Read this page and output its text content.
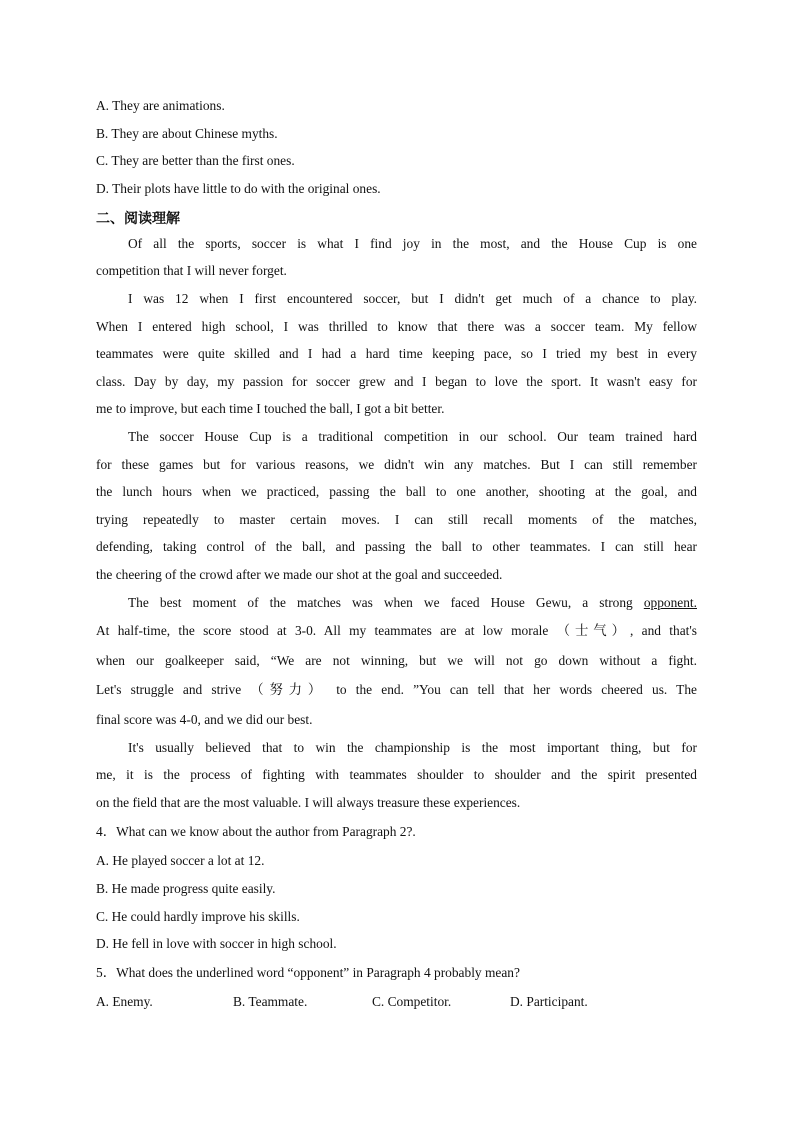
A. They are animations.
B. They are about Chinese myths.
C. They are better than the first ones.
D. Their plots have little to do with the original ones.
二、阅读理解
Of all the sports, soccer is what I find joy in the most, and the House Cup is one
competition that I will never forget.
I was 12 when I first encountered soccer, but I didn't get much of a chance to play.
When I entered high school, I was thrilled to know that there was a soccer team. My fellow
teammates were quite skilled and I had a hard time keeping pace, so I tried my best in every
class. Day by day, my passion for soccer grew and I began to love the sport. It wasn't easy for
me to improve, but each time I touched the ball, I got a bit better.
The soccer House Cup is a traditional competition in our school. Our team trained hard
for these games but for various reasons, we didn't win any matches. But I can still remember
the lunch hours when we practiced, passing the ball to one another, shooting at the goal, and
trying repeatedly to master certain moves. I can still recall moments of the matches,
defending, taking control of the ball, and passing the ball to other teammates. I can still hear
the cheering of the crowd after we made our shot at the goal and succeeded.
The best moment of the matches was when we faced House Gewu, a strong opponent.
At half-time, the score stood at 3-0. All my teammates are at low morale （士气）, and that's
when our goalkeeper said, “We are not winning, but we will not go down without a fight.
Let's struggle and strive （努力） to the end. ”You can tell that her words cheered us. The
final score was 4-0, and we did our best.
It's usually believed that to win the championship is the most important thing, but for
me, it is the process of fighting with teammates shoulder to shoulder and the spirit presented
on the field that are the most valuable. I will always treasure these experiences.
4．What can we know about the author from Paragraph 2?.
A. He played soccer a lot at 12.
B. He made progress quite easily.
C. He could hardly improve his skills.
D. He fell in love with soccer in high school.
5．What does the underlined word “opponent” in Paragraph 4 probably mean?
A. Enemy.	B. Teammate.	C. Competitor.	D. Participant.
